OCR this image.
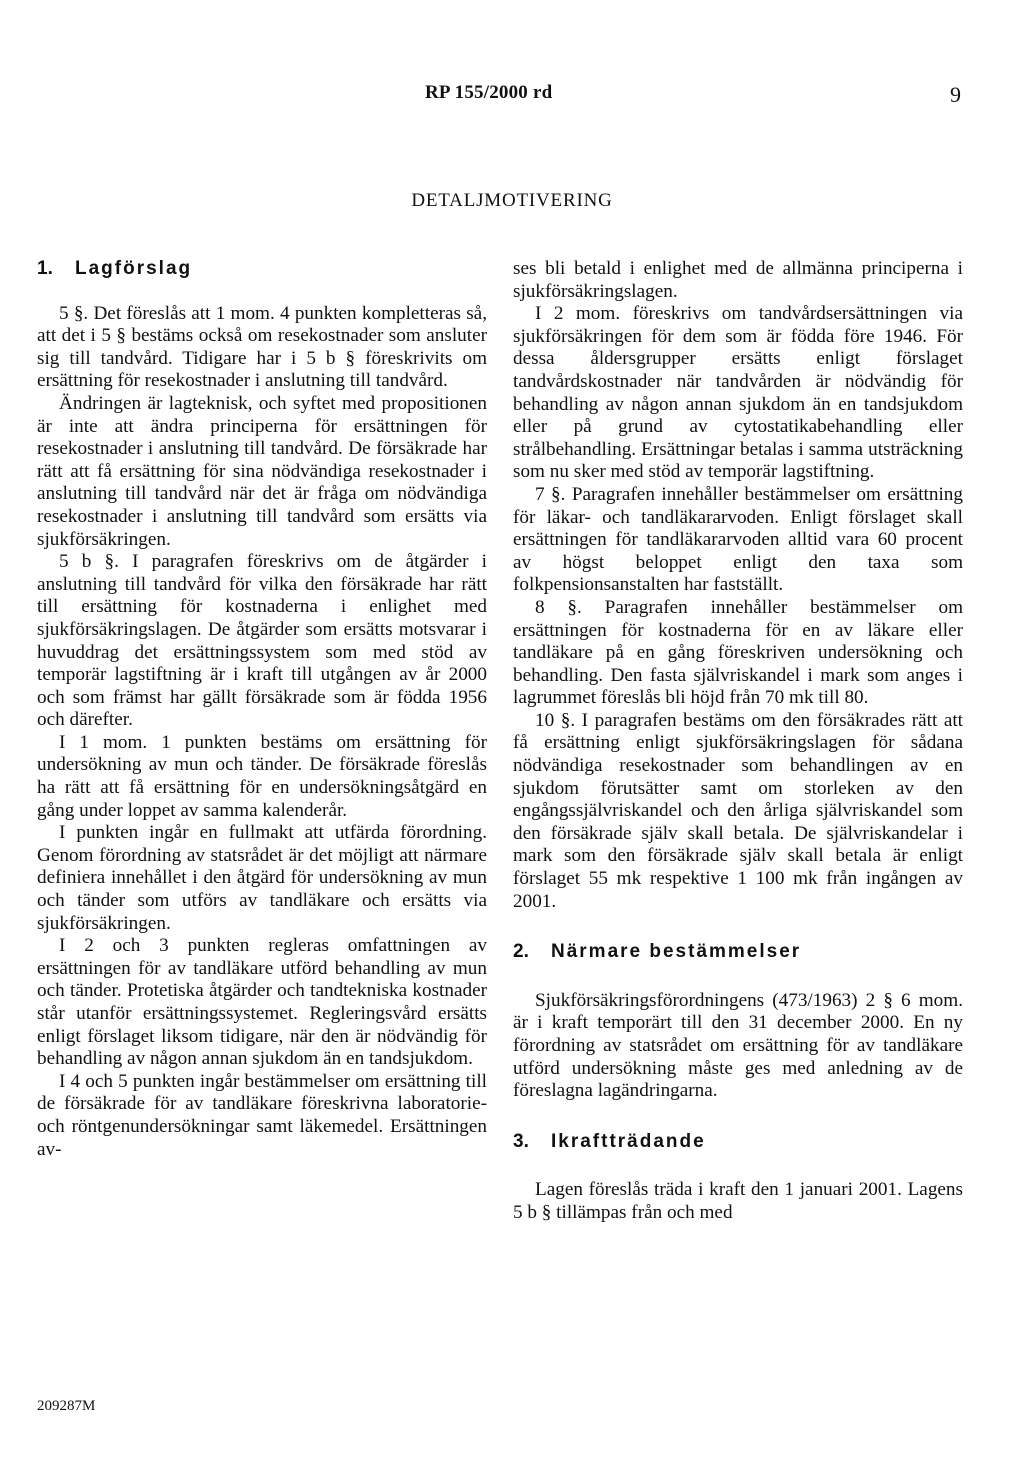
RP 155/2000 rd	9
DETALJMOTIVERING
1. Lagförslag

5 §. Det föreslås att 1 mom. 4 punkten kompletteras så, att det i 5 § bestäms också om resekostnader som ansluter sig till tandvård. Tidigare har i 5 b § föreskrivits om ersättning för resekostnader i anslutning till tandvård.

Ändringen är lagteknisk, och syftet med propositionen är inte att ändra principerna för ersättningen för resekostnader i anslutning till tandvård. De försäkrade har rätt att få ersättning för sina nödvändiga resekostnader i anslutning till tandvård när det är fråga om nödvändiga resekostnader i anslutning till tandvård som ersätts via sjukförsäkringen.

5 b §. I paragrafen föreskrivs om de åtgärder i anslutning till tandvård för vilka den försäkrade har rätt till ersättning för kostnaderna i enlighet med sjukförsäkringslagen. De åtgärder som ersätts motsvarar i huvuddrag det ersättningssystem som med stöd av temporär lagstiftning är i kraft till utgången av år 2000 och som främst har gällt försäkrade som är födda 1956 och därefter.

I 1 mom. 1 punkten bestäms om ersättning för undersökning av mun och tänder. De försäkrade föreslås ha rätt att få ersättning för en undersökningsåtgärd en gång under loppet av samma kalenderår.

I punkten ingår en fullmakt att utfärda förordning. Genom förordning av statsrådet är det möjligt att närmare definiera innehållet i den åtgärd för undersökning av mun och tänder som utförs av tandläkare och ersätts via sjukförsäkringen.

I 2 och 3 punkten regleras omfattningen av ersättningen för av tandläkare utförd behandling av mun och tänder. Protetiska åtgärder och tandtekniska kostnader står utanför ersättningssystemet. Regleringsvård ersätts enligt förslaget liksom tidigare, när den är nödvändig för behandling av någon annan sjukdom än en tandsjukdom.

I 4 och 5 punkten ingår bestämmelser om ersättning till de försäkrade för av tandläkare föreskrivna laboratorie- och röntgenundersökningar samt läkemedel. Ersättningen av-

ses bli betald i enlighet med de allmänna principerna i sjukförsäkringslagen.

I 2 mom. föreskrivs om tandvårdsersättningen via sjukförsäkringen för dem som är födda före 1946. För dessa åldersgrupper ersätts enligt förslaget tandvårdskostnader när tandvården är nödvändig för behandling av någon annan sjukdom än en tandsjukdom eller på grund av cytostatikabehandling eller strålbehandling. Ersättningar betalas i samma utsträckning som nu sker med stöd av temporär lagstiftning.

7 §. Paragrafen innehåller bestämmelser om ersättning för läkar- och tandläkararvoden. Enligt förslaget skall ersättningen för tandläkararvoden alltid vara 60 procent av högst beloppet enligt den taxa som folkpensionsanstalten har fastställt.

8 §. Paragrafen innehåller bestämmelser om ersättningen för kostnaderna för en av läkare eller tandläkare på en gång föreskriven undersökning och behandling. Den fasta självriskandel i mark som anges i lagrummet föreslås bli höjd från 70 mk till 80.

10 §. I paragrafen bestäms om den försäkrades rätt att få ersättning enligt sjukförsäkringslagen för sådana nödvändiga resekostnader som behandlingen av en sjukdom förutsätter samt om storleken av den engångssjälvriskandel och den årliga självriskandel som den försäkrade själv skall betala. De självriskandelar i mark som den försäkrade själv skall betala är enligt förslaget 55 mk respektive 1 100 mk från ingången av 2001.

2. Närmare bestämmelser

Sjukförsäkringsförordningens (473/1963) 2 § 6 mom. är i kraft temporärt till den 31 december 2000. En ny förordning av statsrådet om ersättning för av tandläkare utförd undersökning måste ges med anledning av de föreslagna lagändringarna.

3. Ikraftträdande

Lagen föreslås träda i kraft den 1 januari 2001. Lagens 5 b § tillämpas från och med

209287M
